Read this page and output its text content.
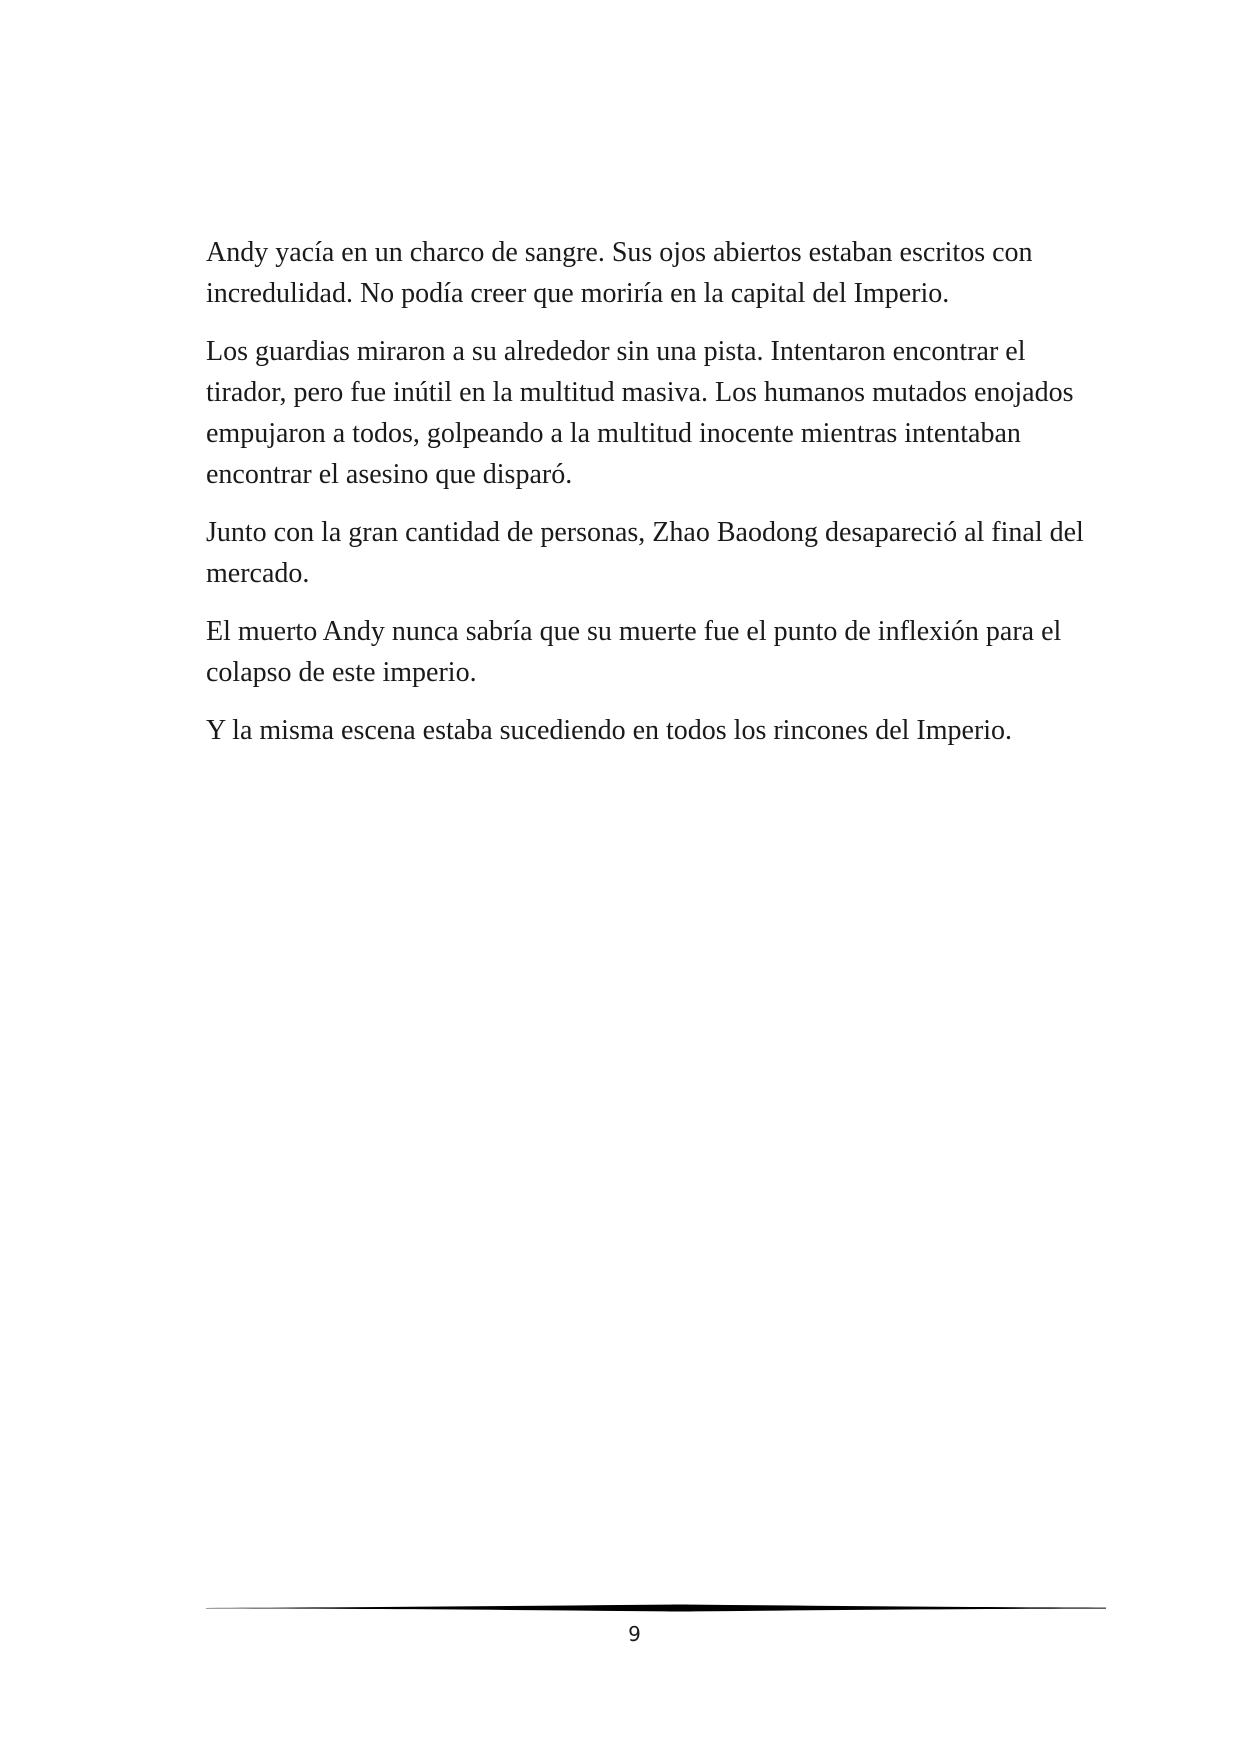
Andy yacía en un charco de sangre. Sus ojos abiertos estaban escritos con incredulidad. No podía creer que moriría en la capital del Imperio.

Los guardias miraron a su alrededor sin una pista. Intentaron encontrar el tirador, pero fue inútil en la multitud masiva. Los humanos mutados enojados empujaron a todos, golpeando a la multitud inocente mientras intentaban encontrar el asesino que disparó.

Junto con la gran cantidad de personas, Zhao Baodong desapareció al final del mercado.

El muerto Andy nunca sabría que su muerte fue el punto de inflexión para el colapso de este imperio.

Y la misma escena estaba sucediendo en todos los rincones del Imperio.

9
